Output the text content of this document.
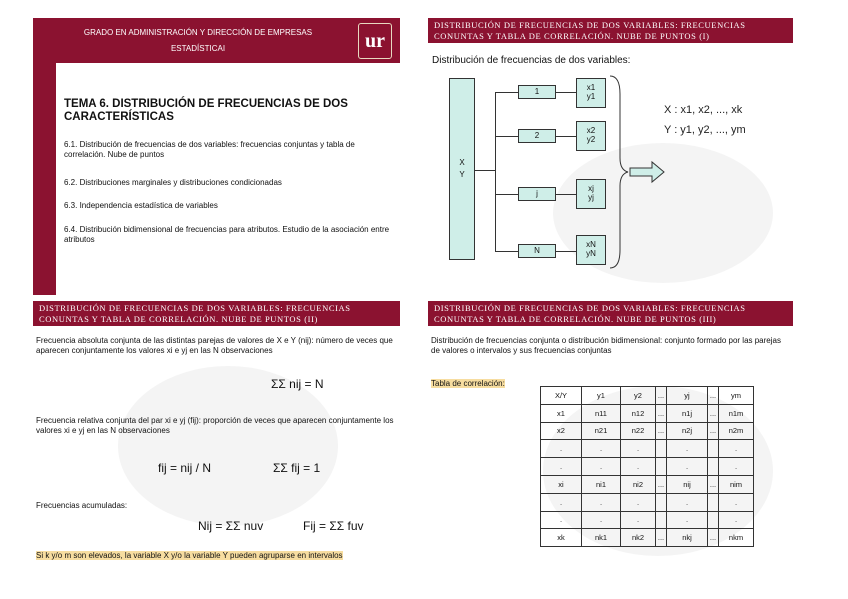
GRADO EN ADMINISTRACIÓN Y DIRECCIÓN DE EMPRESAS
ESTADÍSTICAI	ur
TEMA 6. DISTRIBUCIÓN DE FRECUENCIAS DE DOS CARACTERÍSTICAS
6.1. Distribución de frecuencias de dos variables: frecuencias conjuntas y tabla de correlación. Nube de puntos
6.2. Distribuciones marginales y distribuciones condicionadas
6.3. Independencia estadística de variables
6.4. Distribución bidimensional de frecuencias para atributos. Estudio de la asociación entre atributos
DISTRIBUCIÓN DE FRECUENCIAS DE DOS VARIABLES: FRECUENCIAS CONUNTAS Y TABLA DE CORRELACIÓN. NUBE DE PUNTOS (I)
Distribución de frecuencias de dos variables:
X
Y
1	x1
y1
2
x2
y2
j
xj
yj
N
xN
yN
X : x1, x2, ..., xk
Y : y1, y2, ..., ym
DISTRIBUCIÓN DE FRECUENCIAS DE DOS VARIABLES: FRECUENCIAS CONUNTAS Y TABLA DE CORRELACIÓN. NUBE DE PUNTOS (II)
Frecuencia absoluta conjunta de las distintas parejas de valores de X e Y (nij): número de veces que aparecen conjuntamente los valores xi e yj en las N observaciones
ΣΣ nij = N
Frecuencia relativa conjunta del par xi e yj (fij): proporción de veces que aparecen conjuntamente los valores xi e yj en las N observaciones
fij = nij / N	ΣΣ fij = 1
Frecuencias acumuladas:
Nij = ΣΣ nuv	Fij = ΣΣ fuv
Si k y/o m son elevados, la variable X y/o la variable Y pueden agruparse en intervalos
DISTRIBUCIÓN DE FRECUENCIAS DE DOS VARIABLES: FRECUENCIAS CONUNTAS Y TABLA DE CORRELACIÓN. NUBE DE PUNTOS (III)
Distribución de frecuencias conjunta o distribución bidimensional: conjunto formado por las parejas de valores o intervalos y sus frecuencias conjuntas
Tabla de correlación:
X/Y	y1	y2	...	yj	...	ym
x1	n11	n12	...	n1j	...	n1m
x2	n21	n22	...	n2j	...	n2m
.	.	.		.		.
.	.	.		.		.
xi	ni1	ni2	...	nij	...	nim
.	.	.		.		.
.	.	.		.		.
xk	nk1	nk2	...	nkj	...	nkm
